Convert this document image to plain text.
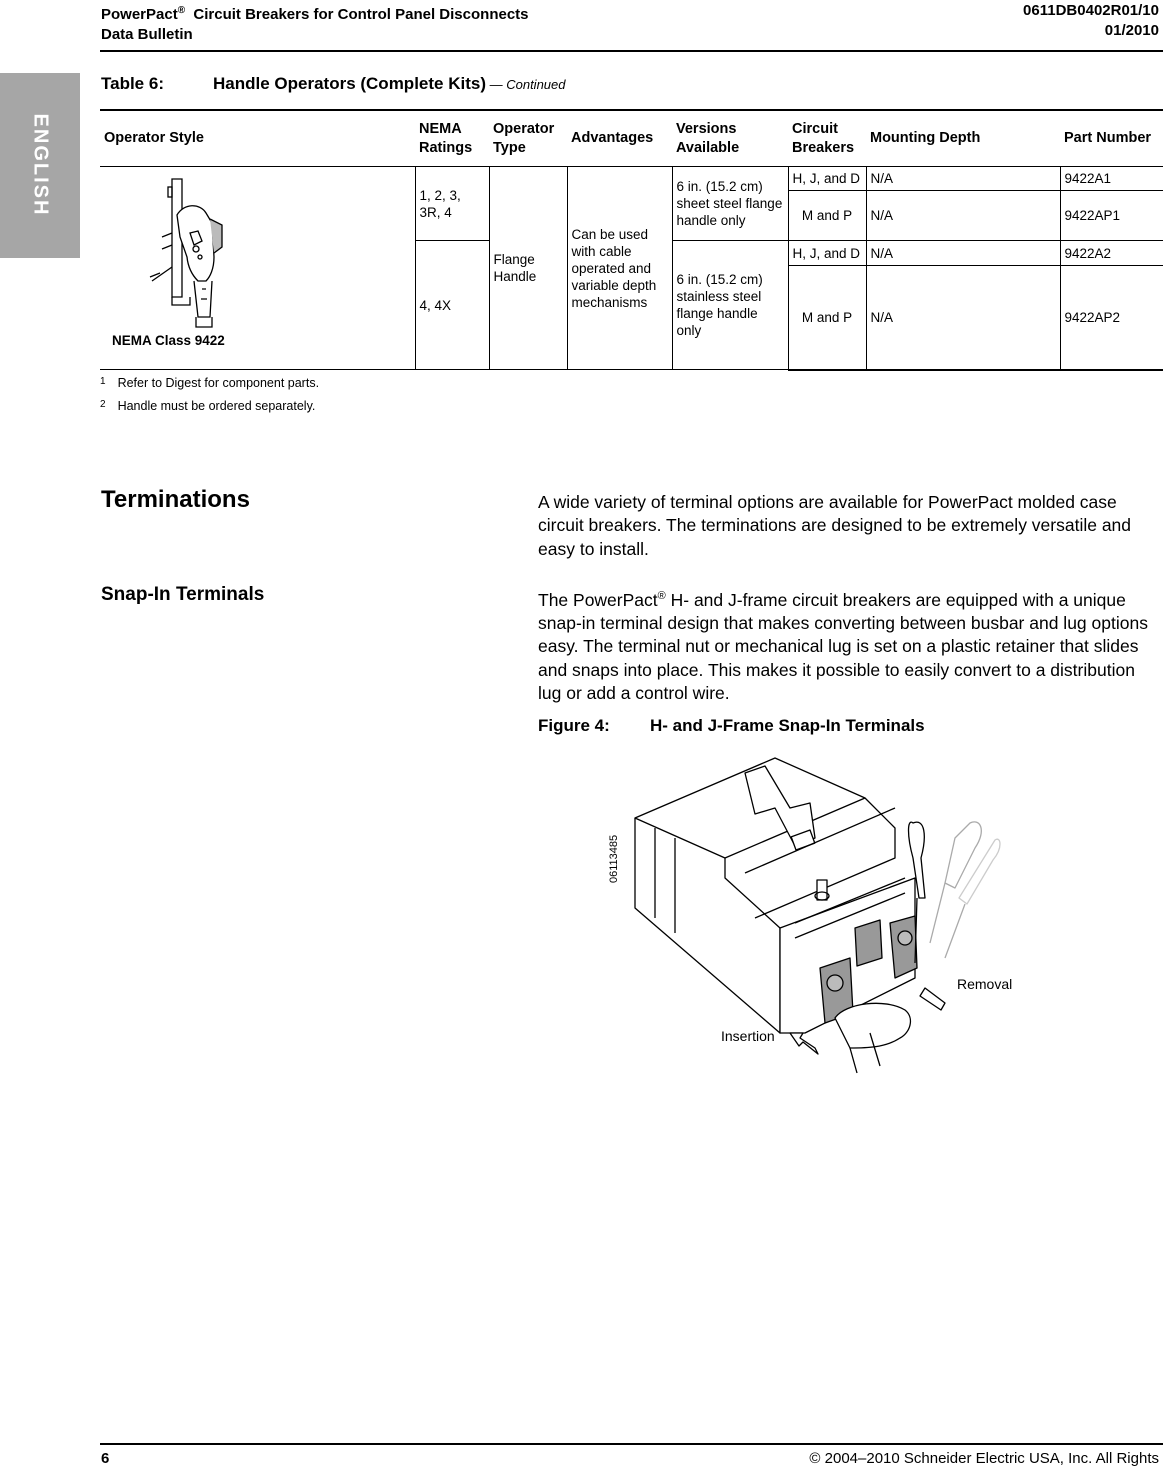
ENGLISH
PowerPact®  Circuit Breakers for Control Panel Disconnects
Data Bulletin
0611DB0402R01/10
01/2010
Table 6:	Handle Operators (Complete Kits) — Continued
Operator Style	NEMA Ratings	Operator Type	Advantages	Versions Available	Circuit Breakers	Mounting Depth	Part Number

NEMA Class 9422	1, 2, 3, 3R, 4	Flange Handle	Can be used with cable operated and variable depth mechanisms	6 in. (15.2 cm) sheet steel flange handle only	H, J, and D	N/A	9422A1
					M and P	N/A	9422AP1
	4, 4X			6 in. (15.2 cm) stainless steel flange handle only	H, J, and D	N/A	9422A2
					M and P	N/A	9422AP2
$^1$ Refer to Digest for component parts.
$^2$ Handle must be ordered separately.
Terminations	A wide variety of terminal options are available for PowerPact molded case circuit breakers. The terminations are designed to be extremely versatile and easy to install.
Snap-In Terminals	The PowerPact® H- and J-frame circuit breakers are equipped with a unique snap-in terminal design that makes converting between busbar and lug options easy. The terminal nut or mechanical lug is set on a plastic retainer that slides and snaps into place. This makes it possible to easily convert to a distribution lug or add a control wire.
Figure 4: H- and J-Frame Snap-In Terminals
06113485
Removal
Insertion
6	© 2004–2010 Schneider Electric USA, Inc. All Rights
